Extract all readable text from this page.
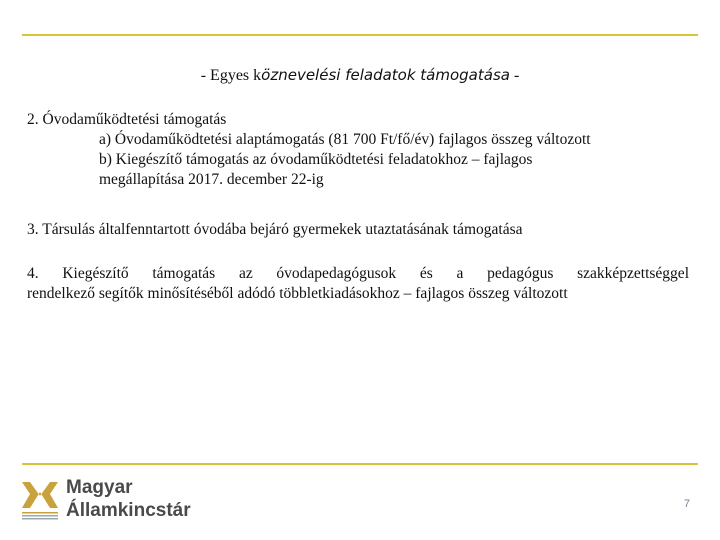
- Egyes köznevelési feladatok támogatása -
2. Óvodaműködtetési támogatás
a) Óvodaműködtetési alaptámogatás (81 700 Ft/fő/év) fajlagos összeg változott
b) Kiegészítő támogatás az óvodaműködtetési feladatokhoz – fajlagos
megállapítása 2017. december 22-ig
3. Társulás általfenntartott óvodába bejáró gyermekek utaztatásának támogatása
4. Kiegészítő támogatás az óvodapedagógusok és a pedagógus szakképzettséggel
rendelkező segítők minősítéséből adódó többletkiadásokhoz – fajlagos összeg változott
Magyar
Államkincstár	7
